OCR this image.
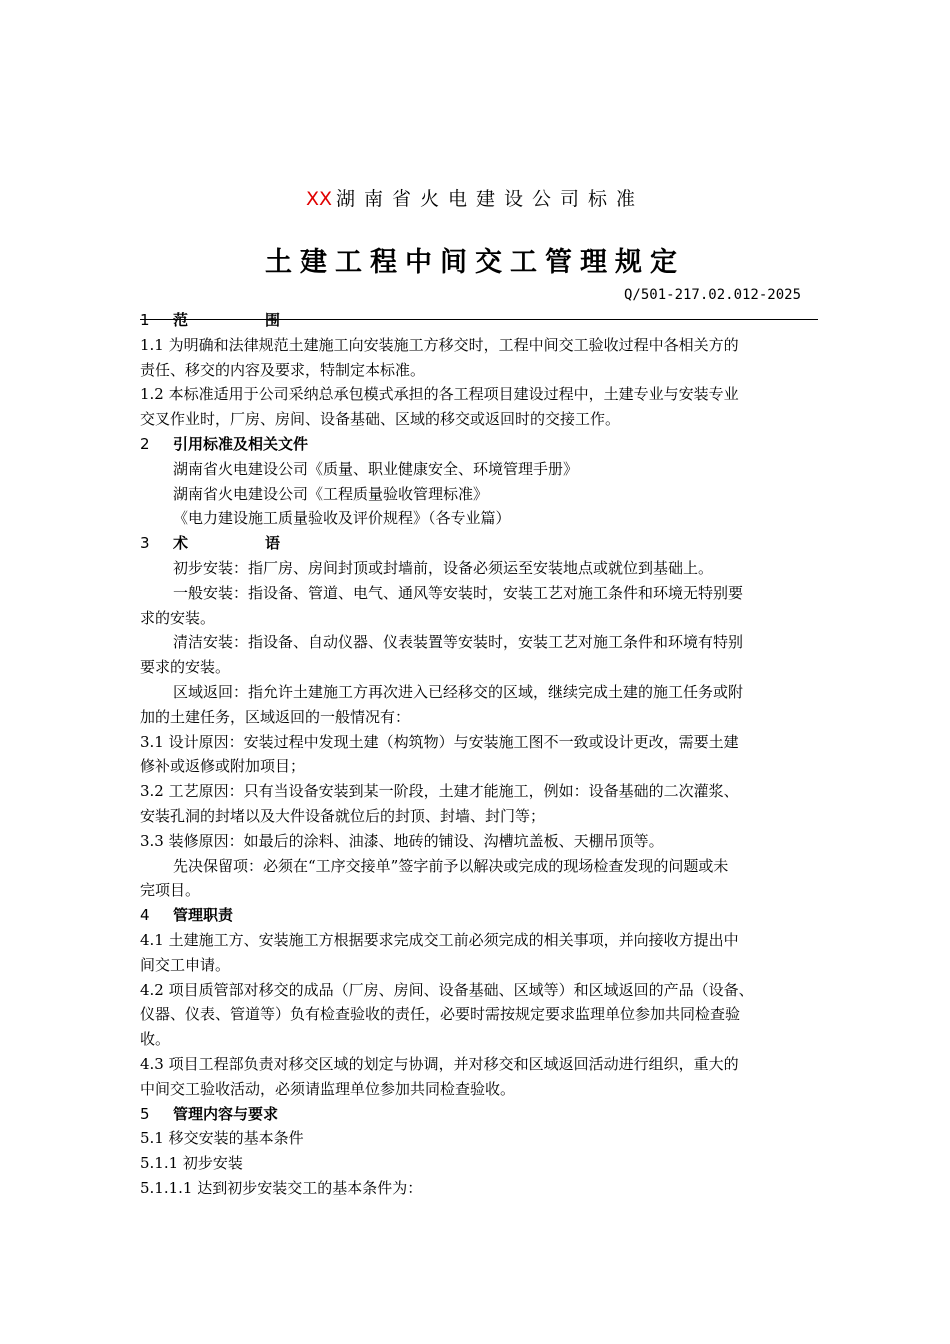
XX 湖南省火电建设公司标准
土建工程中间交工管理规定
Q/501-217.02.012-2025
1 范　围
1.1 为明确和法律规范土建施工向安装施工方移交时，工程中间交工验收过程中各相关方的
责任、移交的内容及要求，特制定本标准。
1.2 本标准适用于公司采纳总承包模式承担的各工程项目建设过程中，土建专业与安装专业
交叉作业时，厂房、房间、设备基础、区域的移交或返回时的交接工作。
2 引用标准及相关文件
湖南省火电建设公司《质量、职业健康安全、环境管理手册》
湖南省火电建设公司《工程质量验收管理标准》
《电力建设施工质量验收及评价规程》（各专业篇）
3 术　语
初步安装：指厂房、房间封顶或封墙前，设备必须运至安装地点或就位到基础上。
一般安装：指设备、管道、电气、通风等安装时，安装工艺对施工条件和环境无特别要
求的安装。
清洁安装：指设备、自动仪器、仪表装置等安装时，安装工艺对施工条件和环境有特别
要求的安装。
区域返回：指允许土建施工方再次进入已经移交的区域，继续完成土建的施工任务或附
加的土建任务，区域返回的一般情况有：
3.1 设计原因：安装过程中发现土建（构筑物）与安装施工图不一致或设计更改，需要土建
修补或返修或附加项目；
3.2 工艺原因：只有当设备安装到某一阶段，土建才能施工，例如：设备基础的二次灌浆、
安装孔洞的封堵以及大件设备就位后的封顶、封墙、封门等；
3.3 装修原因：如最后的涂料、油漆、地砖的铺设、沟槽坑盖板、天棚吊顶等。
先决保留项：必须在“工序交接单”签字前予以解决或完成的现场检查发现的问题或未
完项目。
4 管理职责
4.1 土建施工方、安装施工方根据要求完成交工前必须完成的相关事项，并向接收方提出中
间交工申请。
4.2 项目质管部对移交的成品（厂房、房间、设备基础、区域等）和区域返回的产品（设备、
仪器、仪表、管道等）负有检查验收的责任，必要时需按规定要求监理单位参加共同检查验
收。
4.3 项目工程部负责对移交区域的划定与协调，并对移交和区域返回活动进行组织，重大的
中间交工验收活动，必须请监理单位参加共同检查验收。
5 管理内容与要求
5.1 移交安装的基本条件
5.1.1 初步安装
5.1.1.1 达到初步安装交工的基本条件为：
